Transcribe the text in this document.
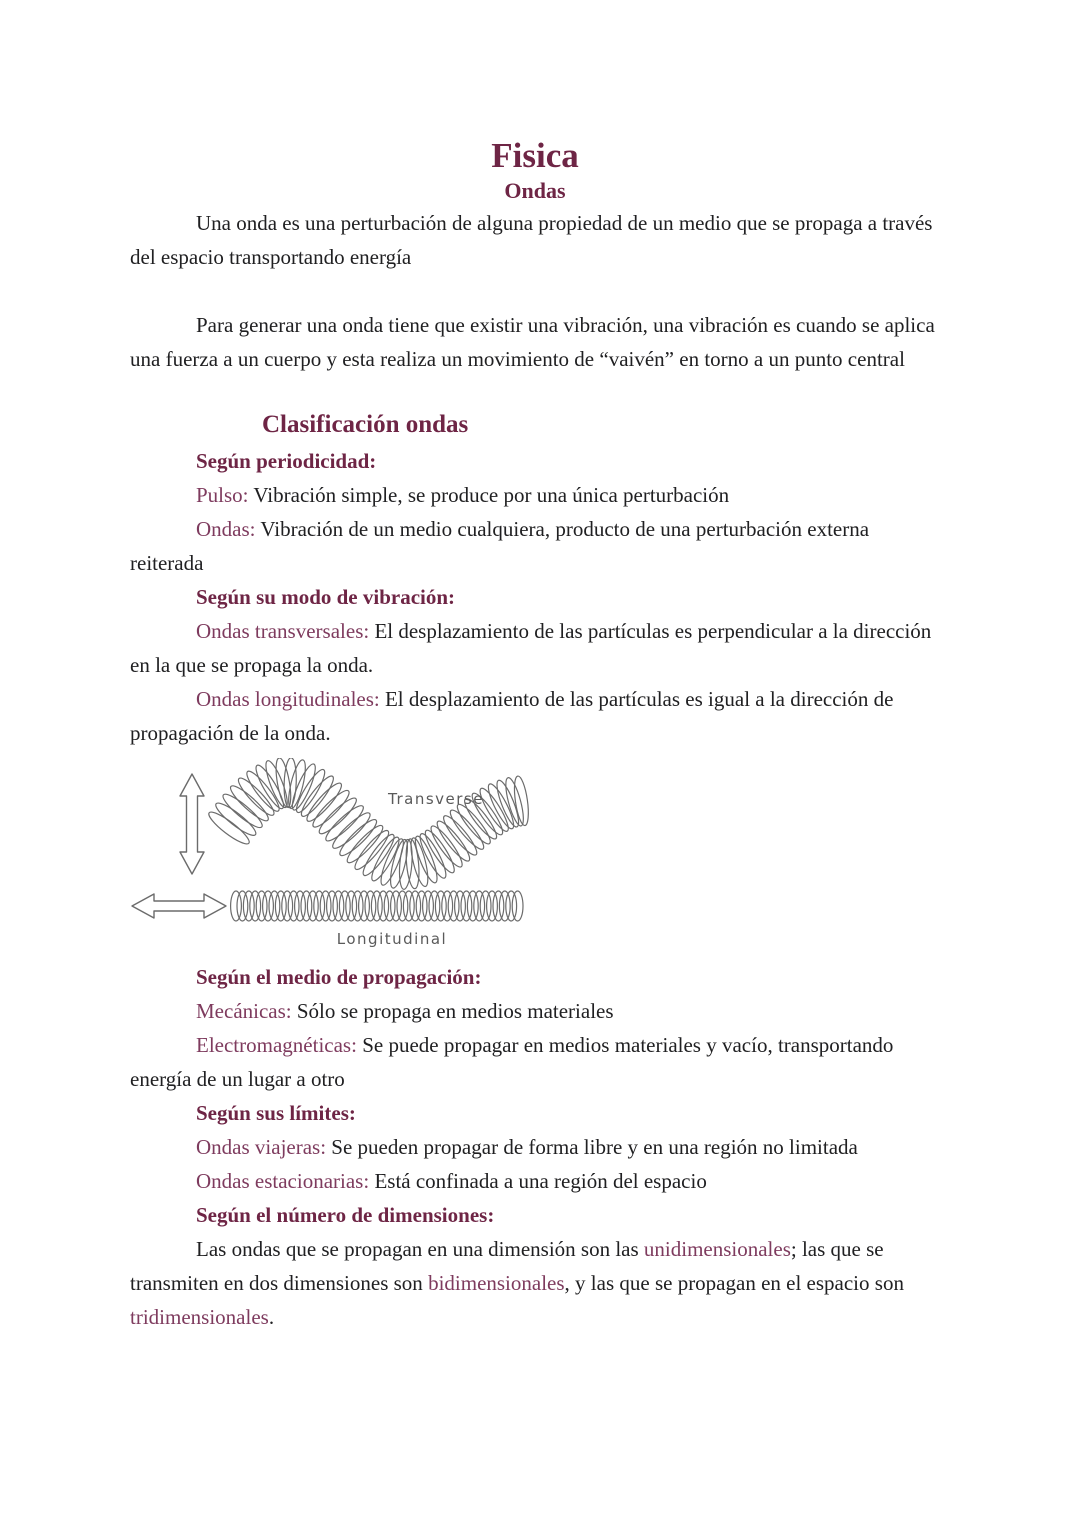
Fisica
Ondas

Una onda es una perturbación de alguna propiedad de un medio que se propaga a través del espacio transportando energía

Para generar una onda tiene que existir una vibración, una vibración es cuando se aplica una fuerza a un cuerpo y esta realiza un movimiento de “vaivén” en torno a un punto central

Clasificación ondas

Según periodicidad:

Pulso: Vibración simple, se produce por una única perturbación

Ondas: Vibración de un medio cualquiera, producto de una perturbación externa reiterada

Según su modo de vibración:

Ondas transversales: El desplazamiento de las partículas es perpendicular a la dirección en la que se propaga la onda.

Ondas longitudinales: El desplazamiento de las partículas es igual a la dirección de propagación de la onda.

Transverse
Longitudinal

Según el medio de propagación:

Mecánicas: Sólo se propaga en medios materiales

Electromagnéticas: Se puede propagar en medios materiales y vacío, transportando energía de un lugar a otro

Según sus límites:

Ondas viajeras: Se pueden propagar de forma libre y en una región no limitada

Ondas estacionarias: Está confinada a una región del espacio

Según el número de dimensiones:

Las ondas que se propagan en una dimensión son las unidimensionales; las que se transmiten en dos dimensiones son bidimensionales, y las que se propagan en el espacio son tridimensionales.
